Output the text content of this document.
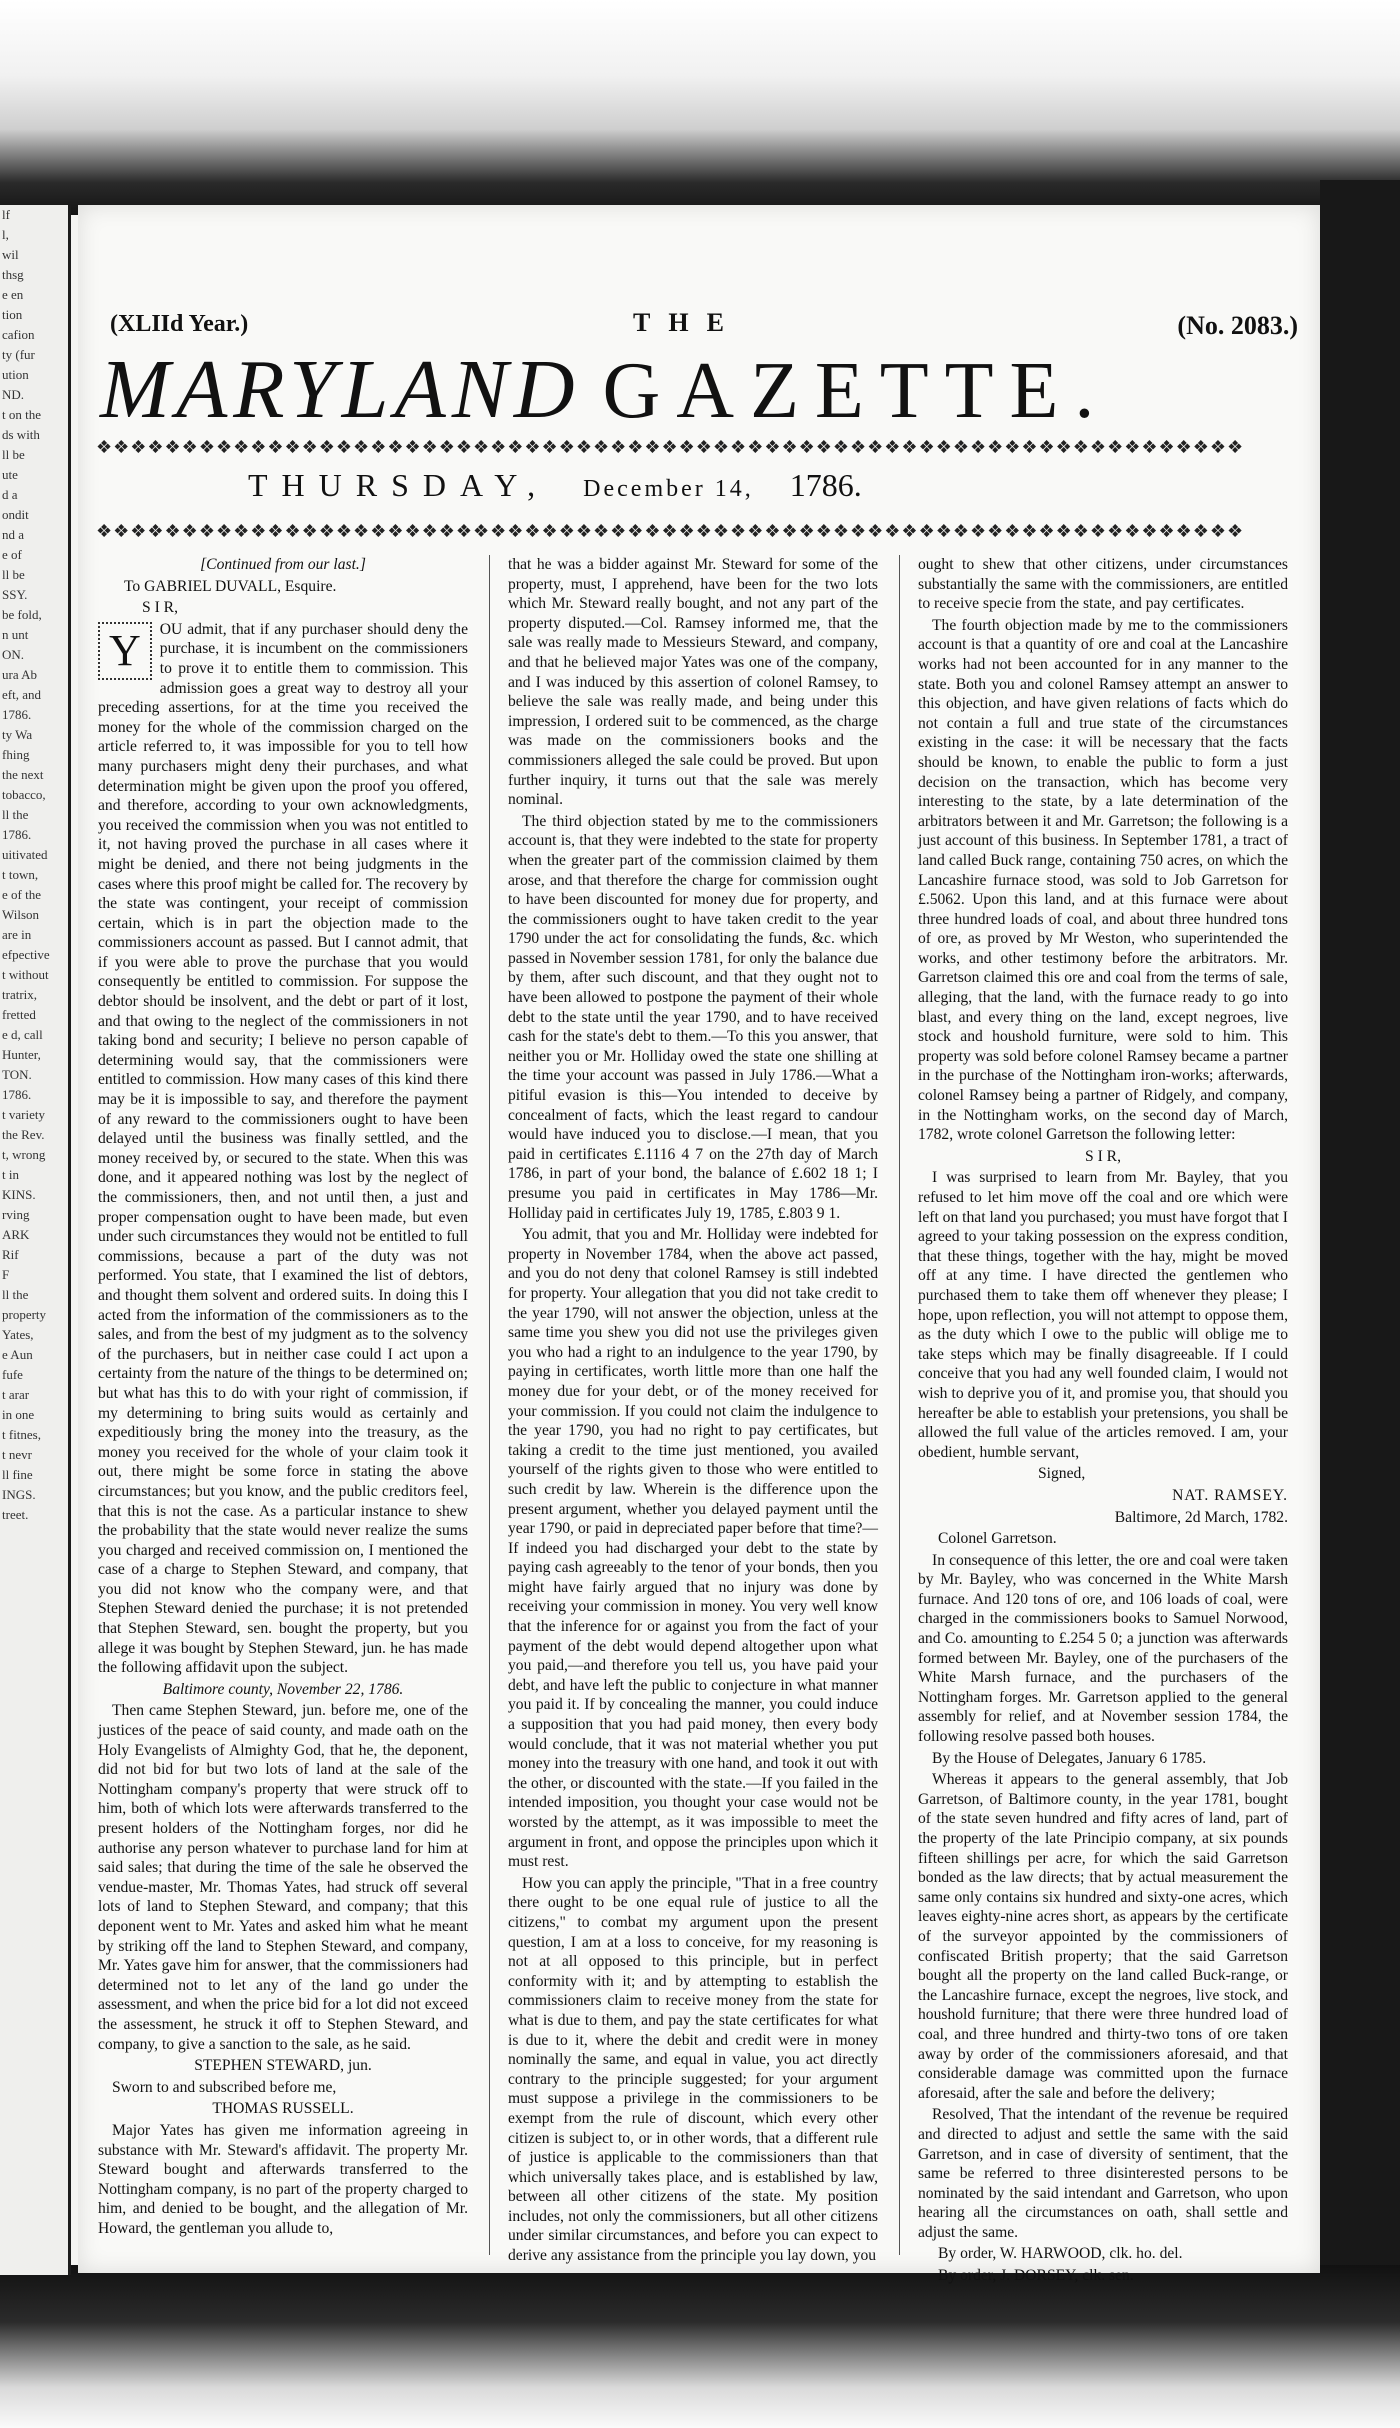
lf
l,
wil
thsg
e en
tion
cafion
ty (fur
ution
ND.
t on the
ds with
ll be
ute
d a
ondit
nd a
e of
ll be
SSY.
be fold,
n unt
ON.
ura Ab
eft, and
1786.
ty Wa
fhing
the next
tobacco,
ll the
1786.
uitivated
t town,
e of the
Wilson
are in
efpective
t without
tratrix,
fretted
e d, call
Hunter,
TON.
1786.
t variety
the Rev.
t, wrong
t in
KINS.
rving
ARK
Rif
F
ll the
property
Yates,
e Aun
fufe
t arar
in one
t fitnes,
t nevr
ll fine
INGS.
treet.
(XLIId Year.)	THE	(No. 2083.)
MARYLAND GAZETTE.
❖❖❖❖❖❖❖❖❖❖❖❖❖❖❖❖❖❖❖❖❖❖❖❖❖❖❖❖❖❖❖❖❖❖❖❖❖❖❖❖❖❖❖❖❖❖❖❖❖❖❖❖❖❖❖❖❖❖❖❖❖❖❖❖❖❖❖
THURSDAY, December 14, 1786.
❖❖❖❖❖❖❖❖❖❖❖❖❖❖❖❖❖❖❖❖❖❖❖❖❖❖❖❖❖❖❖❖❖❖❖❖❖❖❖❖❖❖❖❖❖❖❖❖❖❖❖❖❖❖❖❖❖❖❖❖❖❖❖❖❖❖❖

[Continued from our last.]

To GABRIEL DUVALL, Esquire.

S I R,

Y	OU admit, that if any purchaser should deny the purchase, it is incumbent on the commissioners to prove it to entitle them to commission. This admission goes a great way to destroy all your preceding assertions, for at the time you received the money for the whole of the commission charged on the article referred to, it was impossible for you to tell how many purchasers might deny their purchases, and what determination might be given upon the proof you offered, and therefore, according to your own acknowledgments, you received the commission when you was not entitled to it, not having proved the purchase in all cases where it might be denied, and there not being judgments in the cases where this proof might be called for. The recovery by the state was contingent, your receipt of commission certain, which is in part the objection made to the commissioners account as passed. But I cannot admit, that if you were able to prove the purchase that you would consequently be entitled to commission. For suppose the debtor should be insolvent, and the debt or part of it lost, and that owing to the neglect of the commissioners in not taking bond and security; I believe no person capable of determining would say, that the commissioners were entitled to commission. How many cases of this kind there may be it is impossible to say, and therefore the payment of any reward to the commissioners ought to have been delayed until the business was finally settled, and the money received by, or secured to the state. When this was done, and it appeared nothing was lost by the neglect of the commissioners, then, and not until then, a just and proper compensation ought to have been made, but even under such circumstances they would not be entitled to full commissions, because a part of the duty was not performed. You state, that I examined the list of debtors, and thought them solvent and ordered suits. In doing this I acted from the information of the commissioners as to the sales, and from the best of my judgment as to the solvency of the purchasers, but in neither case could I act upon a certainty from the nature of the things to be determined on; but what has this to do with your right of commission, if my determining to bring suits would as certainly and expeditiously bring the money into the treasury, as the money you received for the whole of your claim took it out, there might be some force in stating the above circumstances; but you know, and the public creditors feel, that this is not the case. As a particular instance to shew the probability that the state would never realize the sums you charged and received commission on, I mentioned the case of a charge to Stephen Steward, and company, that you did not know who the company were, and that Stephen Steward denied the purchase; it is not pretended that Stephen Steward, sen. bought the property, but you allege it was bought by Stephen Steward, jun. he has made the following affidavit upon the subject.

Baltimore county, November 22, 1786.

Then came Stephen Steward, jun. before me, one of the justices of the peace of said county, and made oath on the Holy Evangelists of Almighty God, that he, the deponent, did not bid for but two lots of land at the sale of the Nottingham company's property that were struck off to him, both of which lots were afterwards transferred to the present holders of the Nottingham forges, nor did he authorise any person whatever to purchase land for him at said sales; that during the time of the sale he observed the vendue-master, Mr. Thomas Yates, had struck off several lots of land to Stephen Steward, and company; that this deponent went to Mr. Yates and asked him what he meant by striking off the land to Stephen Steward, and company, Mr. Yates gave him for answer, that the commissioners had determined not to let any of the land go under the assessment, and when the price bid for a lot did not exceed the assessment, he struck it off to Stephen Steward, and company, to give a sanction to the sale, as he said.

STEPHEN STEWARD, jun.

Sworn to and subscribed before me,

THOMAS RUSSELL.

Major Yates has given me information agreeing in substance with Mr. Steward's affidavit. The property Mr. Steward bought and afterwards transferred to the Nottingham company, is no part of the property charged to him, and denied to be bought, and the allegation of Mr. Howard, the gentleman you allude to,

that he was a bidder against Mr. Steward for some of the property, must, I apprehend, have been for the two lots which Mr. Steward really bought, and not any part of the property disputed.—Col. Ramsey informed me, that the sale was really made to Messieurs Steward, and company, and that he believed major Yates was one of the company, and I was induced by this assertion of colonel Ramsey, to believe the sale was really made, and being under this impression, I ordered suit to be commenced, as the charge was made on the commissioners books and the commissioners alleged the sale could be proved. But upon further inquiry, it turns out that the sale was merely nominal.

The third objection stated by me to the commissioners account is, that they were indebted to the state for property when the greater part of the commission claimed by them arose, and that therefore the charge for commission ought to have been discounted for money due for property, and the commissioners ought to have taken credit to the year 1790 under the act for consolidating the funds, &c. which passed in November session 1781, for only the balance due by them, after such discount, and that they ought not to have been allowed to postpone the payment of their whole debt to the state until the year 1790, and to have received cash for the state's debt to them.—To this you answer, that neither you or Mr. Holliday owed the state one shilling at the time your account was passed in July 1786.—What a pitiful evasion is this—You intended to deceive by concealment of facts, which the least regard to candour would have induced you to disclose.—I mean, that you paid in certificates £.1116 4 7 on the 27th day of March 1786, in part of your bond, the balance of £.602 18 1; I presume you paid in certificates in May 1786—Mr. Holliday paid in certificates July 19, 1785, £.803 9 1.

You admit, that you and Mr. Holliday were indebted for property in November 1784, when the above act passed, and you do not deny that colonel Ramsey is still indebted for property. Your allegation that you did not take credit to the year 1790, will not answer the objection, unless at the same time you shew you did not use the privileges given you who had a right to an indulgence to the year 1790, by paying in certificates, worth little more than one half the money due for your debt, or of the money received for your commission. If you could not claim the indulgence to the year 1790, you had no right to pay certificates, but taking a credit to the time just mentioned, you availed yourself of the rights given to those who were entitled to such credit by law. Wherein is the difference upon the present argument, whether you delayed payment until the year 1790, or paid in depreciated paper before that time?—If indeed you had discharged your debt to the state by paying cash agreeably to the tenor of your bonds, then you might have fairly argued that no injury was done by receiving your commission in money. You very well know that the inference for or against you from the fact of your payment of the debt would depend altogether upon what you paid,—and therefore you tell us, you have paid your debt, and have left the public to conjecture in what manner you paid it. If by concealing the manner, you could induce a supposition that you had paid money, then every body would conclude, that it was not material whether you put money into the treasury with one hand, and took it out with the other, or discounted with the state.—If you failed in the intended imposition, you thought your case would not be worsted by the attempt, as it was impossible to meet the argument in front, and oppose the principles upon which it must rest.

How you can apply the principle, "That in a free country there ought to be one equal rule of justice to all the citizens," to combat my argument upon the present question, I am at a loss to conceive, for my reasoning is not at all opposed to this principle, but in perfect conformity with it; and by attempting to establish the commissioners claim to receive money from the state for what is due to them, and pay the state certificates for what is due to it, where the debit and credit were in money nominally the same, and equal in value, you act directly contrary to the principle suggested; for your argument must suppose a privilege in the commissioners to be exempt from the rule of discount, which every other citizen is subject to, or in other words, that a different rule of justice is applicable to the commissioners than that which universally takes place, and is established by law, between all other citizens of the state. My position includes, not only the commissioners, but all other citizens under similar circumstances, and before you can expect to derive any assistance from the principle you lay down, you

ought to shew that other citizens, under circumstances substantially the same with the commissioners, are entitled to receive specie from the state, and pay certificates.

The fourth objection made by me to the commissioners account is that a quantity of ore and coal at the Lancashire works had not been accounted for in any manner to the state. Both you and colonel Ramsey attempt an answer to this objection, and have given relations of facts which do not contain a full and true state of the circumstances existing in the case: it will be necessary that the facts should be known, to enable the public to form a just decision on the transaction, which has become very interesting to the state, by a late determination of the arbitrators between it and Mr. Garretson; the following is a just account of this business. In September 1781, a tract of land called Buck range, containing 750 acres, on which the Lancashire furnace stood, was sold to Job Garretson for £.5062. Upon this land, and at this furnace were about three hundred loads of coal, and about three hundred tons of ore, as proved by Mr Weston, who superintended the works, and other testimony before the arbitrators. Mr. Garretson claimed this ore and coal from the terms of sale, alleging, that the land, with the furnace ready to go into blast, and every thing on the land, except negroes, live stock and houshold furniture, were sold to him. This property was sold before colonel Ramsey became a partner in the purchase of the Nottingham iron-works; afterwards, colonel Ramsey being a partner of Ridgely, and company, in the Nottingham works, on the second day of March, 1782, wrote colonel Garretson the following letter:

S I R,

I was surprised to learn from Mr. Bayley, that you refused to let him move off the coal and ore which were left on that land you purchased; you must have forgot that I agreed to your taking possession on the express condition, that these things, together with the hay, might be moved off at any time. I have directed the gentlemen who purchased them to take them off whenever they please; I hope, upon reflection, you will not attempt to oppose them, as the duty which I owe to the public will oblige me to take steps which may be finally disagreeable. If I could conceive that you had any well founded claim, I would not wish to deprive you of it, and promise you, that should you hereafter be able to establish your pretensions, you shall be allowed the full value of the articles removed. I am, your obedient, humble servant,

Signed,

NAT. RAMSEY.

Baltimore, 2d March, 1782.

Colonel Garretson.

In consequence of this letter, the ore and coal were taken by Mr. Bayley, who was concerned in the White Marsh furnace. And 120 tons of ore, and 106 loads of coal, were charged in the commissioners books to Samuel Norwood, and Co. amounting to £.254 5 0; a junction was afterwards formed between Mr. Bayley, one of the purchasers of the White Marsh furnace, and the purchasers of the Nottingham forges. Mr. Garretson applied to the general assembly for relief, and at November session 1784, the following resolve passed both houses.

By the House of Delegates, January 6 1785.

Whereas it appears to the general assembly, that Job Garretson, of Baltimore county, in the year 1781, bought of the state seven hundred and fifty acres of land, part of the property of the late Principio company, at six pounds fifteen shillings per acre, for which the said Garretson bonded as the law directs; that by actual measurement the same only contains six hundred and sixty-one acres, which leaves eighty-nine acres short, as appears by the certificate of the surveyor appointed by the commissioners of confiscated British property; that the said Garretson bought all the property on the land called Buck-range, or the Lancashire furnace, except the negroes, live stock, and houshold furniture; that there were three hundred load of coal, and three hundred and thirty-two tons of ore taken away by order of the commissioners aforesaid, and that considerable damage was committed upon the furnace aforesaid, after the sale and before the delivery;

Resolved, That the intendant of the revenue be required and directed to adjust and settle the same with the said Garretson, and in case of diversity of sentiment, that the same be referred to three disinterested persons to be nominated by the said intendant and Garretson, who upon hearing all the circumstances on oath, shall settle and adjust the same.

By order, W. HARWOOD, clk. ho. del.

By order, J. DORSEY, clk. sen.
